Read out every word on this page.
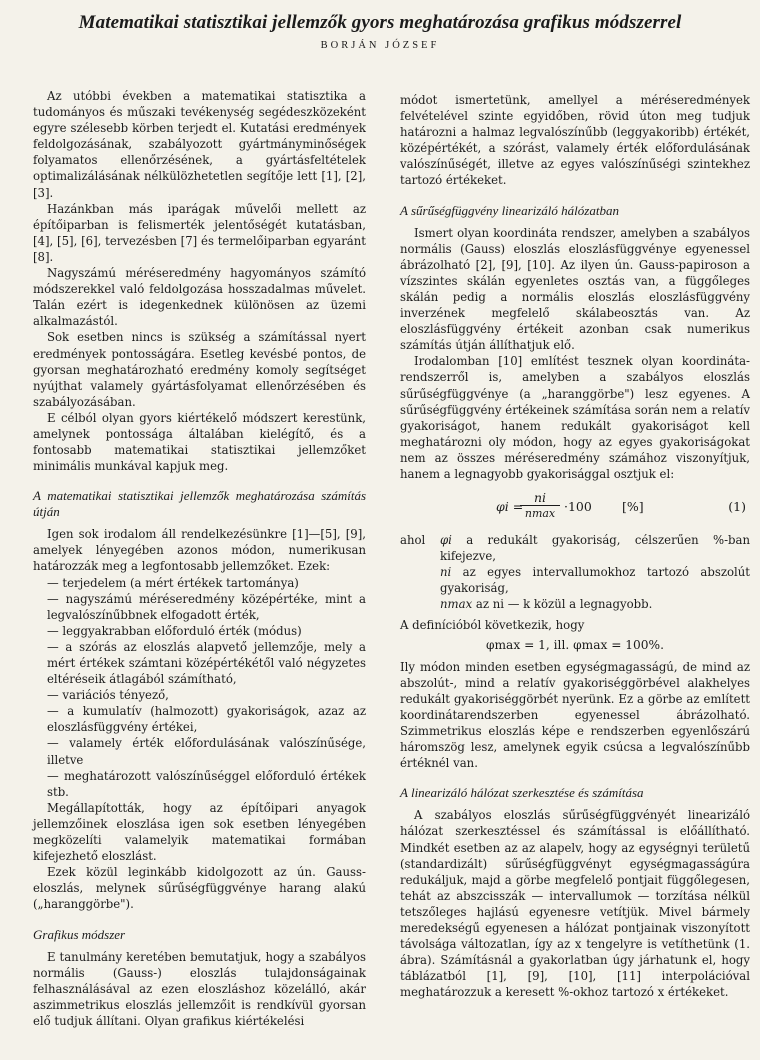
Matematikai statisztikai jellemzők gyors meghatározása grafikus módszerrel
BORJÁN JÓZSEF

Az utóbbi években a matematikai statisztika a tudományos és műszaki tevékenység segédeszközeként egyre szélesebb körben terjedt el. Kutatási eredmények feldolgozásának, szabályozott gyártmányminőségek folyamatos ellenőrzésének, a gyártásfeltételek optimalizálásának nélkülözhetetlen segítője lett [1], [2], [3].

Hazánkban más iparágak művelői mellett az építőiparban is felismerték jelentőségét kutatásban, [4], [5], [6], tervezésben [7] és termelőiparban egyaránt [8].

Nagyszámú méréseredmény hagyományos számító módszerekkel való feldolgozása hosszadalmas művelet. Talán ezért is idegenkednek különösen az üzemi alkalmazástól.

Sok esetben nincs is szükség a számítással nyert eredmények pontosságára. Esetleg kevésbé pontos, de gyorsan meghatározható eredmény komoly segítséget nyújthat valamely gyártásfolyamat ellenőrzésében és szabályozásában.

E célból olyan gyors kiértékelő módszert kerestünk, amelynek pontossága általában kielégítő, és a fontosabb matematikai statisztikai jellemzőket minimális munkával kapjuk meg.

A matematikai statisztikai jellemzők meghatározása számítás útján

Igen sok irodalom áll rendelkezésünkre [1]—[5], [9], amelyek lényegében azonos módon, numerikusan határozzák meg a legfontosabb jellemzőket. Ezek:

— terjedelem (a mért értékek tartománya)
— nagyszámú méréseredmény középértéke, mint a legvalószínűbbnek elfogadott érték,
— leggyakrabban előforduló érték (módus)
— a szórás az eloszlás alapvető jellemzője, mely a mért értékek számtani középértékétől való négyzetes eltéréseik átlagából számítható,
— variációs tényező,
— a kumulatív (halmozott) gyakoriságok, azaz az eloszlásfüggvény értékei,
— valamely érték előfordulásának valószínűsége, illetve
— meghatározott valószínűséggel előforduló értékek stb.

Megállapították, hogy az építőipari anyagok jellemzőinek eloszlása igen sok esetben lényegében megközelíti valamelyik matematikai formában kifejezhető eloszlást.

Ezek közül leginkább kidolgozott az ún. Gauss-eloszlás, melynek sűrűségfüggvénye harang alakú („haranggörbe").

Grafikus módszer

E tanulmány keretében bemutatjuk, hogy a szabályos normális (Gauss-) eloszlás tulajdonságainak felhasználásával az ezen eloszláshoz közelálló, akár aszimmetrikus eloszlás jellemzőit is rendkívül gyorsan elő tudjuk állítani. Olyan grafikus kiértékelési

módot ismertetünk, amellyel a méréseredmények felvételével szinte egyidőben, rövid úton meg tudjuk határozni a halmaz legvalószínűbb (leggyakoribb) értékét, középértékét, a szórást, valamely érték előfordulásának valószínűségét, illetve az egyes valószínűségi szintekhez tartozó értékeket.

A sűrűségfüggvény linearizáló hálózatban

Ismert olyan koordináta rendszer, amelyben a szabályos normális (Gauss) eloszlás eloszlásfüggvénye egyenessel ábrázolható [2], [9], [10]. Az ilyen ún. Gauss-papiroson a vízszintes skálán egyenletes osztás van, a függőleges skálán pedig a normális eloszlás eloszlásfüggvény inverzének megfelelő skálabeosztás van. Az eloszlásfüggvény értékeit azonban csak numerikus számítás útján állíthatjuk elő.

Irodalomban [10] említést tesznek olyan koordináta-rendszerről is, amelyben a szabályos eloszlás sűrűségfüggvénye (a „haranggörbe") lesz egyenes. A sűrűségfüggvény értékeinek számítása során nem a relatív gyakoriságot, hanem redukált gyakoriságot kell meghatározni oly módon, hogy az egyes gyakoriságokat nem az összes méréseredmény számához viszonyítjuk, hanem a legnagyobb gyakorisággal osztjuk el:

φi =
ni
nmax ·100 [%]	(1)
ahol	φi a redukált gyakoriság, célszerűen %-ban kifejezve,
ni az egyes intervallumokhoz tartozó abszolút gyakoriság,
nmax az ni — k közül a legnagyobb.

A definícióból következik, hogy

φmax = 1, ill. φmax = 100%.

Ily módon minden esetben egységmagasságú, de mind az abszolút-, mind a relatív gyakoriséggörbével alakhelyes redukált gyakoriséggörbét nyerünk. Ez a görbe az említett koordinátarendszerben egyenessel ábrázolható. Szimmetrikus eloszlás képe e rendszerben egyenlőszárú háromszög lesz, amelynek egyik csúcsa a legvalószínűbb értéknél van.

A linearizáló hálózat szerkesztése és számítása

A szabályos eloszlás sűrűségfüggvényét linearizáló hálózat szerkesztéssel és számítással is előállítható. Mindkét esetben az az alapelv, hogy az egységnyi területű (standardizált) sűrűségfüggvényt egységmagasságúra redukáljuk, majd a görbe megfelelő pontjait függőlegesen, tehát az abszcisszák — intervallumok — torzítása nélkül tetszőleges hajlású egyenesre vetítjük. Mivel bármely meredekségű egyenesen a hálózat pontjainak viszonyított távolsága változatlan, így az x tengelyre is vetíthetünk (1. ábra). Számításnál a gyakorlatban úgy járhatunk el, hogy táblázatból [1], [9], [10], [11] interpolációval meghatározzuk a keresett %-okhoz tartozó x értékeket.
